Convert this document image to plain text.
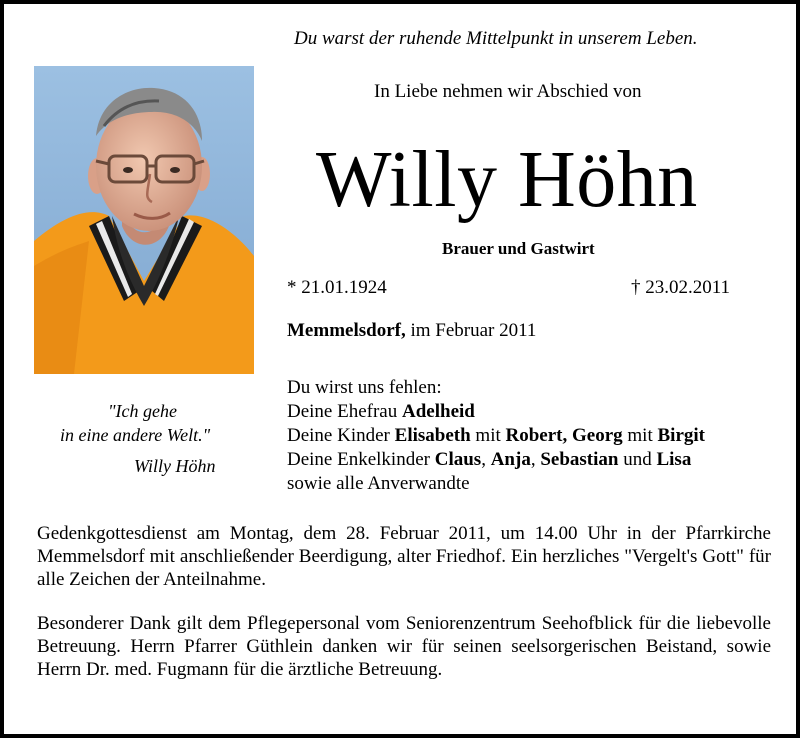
Du warst der ruhende Mittelpunkt in unserem Leben.
In Liebe nehmen wir Abschied von
Willy Höhn
Brauer und Gastwirt
* 21.01.1924	† 23.02.2011
Memmelsdorf, im Februar 2011
"Ich gehe
in eine andere Welt."
Willy Höhn
Du wirst uns fehlen:
Deine Ehefrau Adelheid
Deine Kinder Elisabeth mit Robert, Georg mit Birgit
Deine Enkelkinder Claus, Anja, Sebastian und Lisa
sowie alle Anverwandte
Gedenkgottesdienst am Montag, dem 28. Februar 2011, um 14.00 Uhr in der Pfarrkirche Memmelsdorf mit anschließender Beerdigung, alter Friedhof. Ein herzliches "Vergelt's Gott" für alle Zeichen der Anteilnahme.
Besonderer Dank gilt dem Pflegepersonal vom Seniorenzentrum Seehofblick für die liebevolle Betreuung. Herrn Pfarrer Güthlein danken wir für seinen seelsorgerischen Beistand, sowie Herrn Dr. med. Fugmann für die ärztliche Betreuung.
